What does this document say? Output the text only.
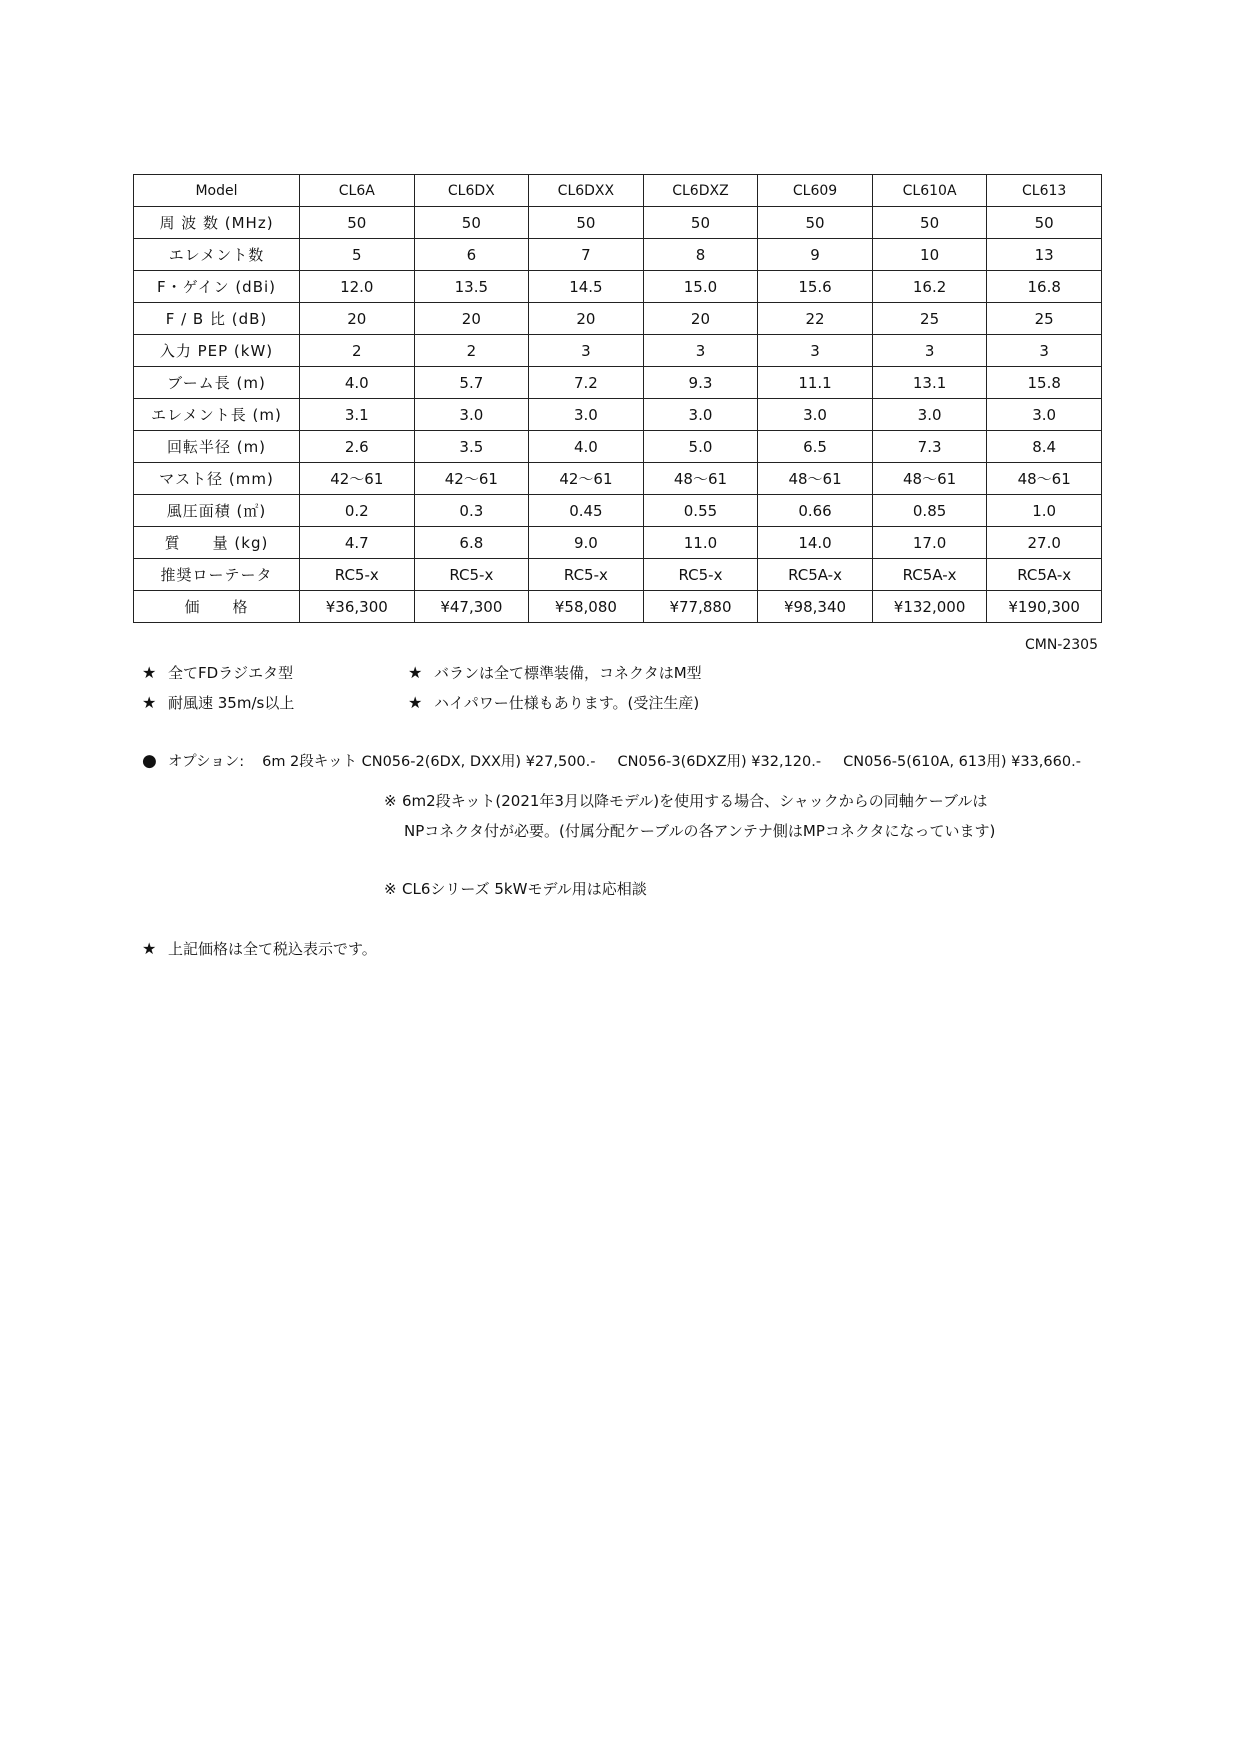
Model	CL6A	CL6DX	CL6DXX	CL6DXZ	CL609	CL610A	CL613
周 波 数 (MHz)	50	50	50	50	50	50	50
エレメント数	5	6	7	8	9	10	13
F・ゲイン (dBi)	12.0	13.5	14.5	15.0	15.6	16.2	16.8
F / B 比 (dB)	20	20	20	20	22	25	25
入力 PEP (kW)	2	2	3	3	3	3	3
ブーム長 (m)	4.0	5.7	7.2	9.3	11.1	13.1	15.8
エレメント長 (m)	3.1	3.0	3.0	3.0	3.0	3.0	3.0
回転半径 (m)	2.6	3.5	4.0	5.0	6.5	7.3	8.4
マスト径 (mm)	42～61	42～61	42～61	48～61	48～61	48～61	48～61
風圧面積 (㎡)	0.2	0.3	0.45	0.55	0.66	0.85	1.0
質　　量 (kg)	4.7	6.8	9.0	11.0	14.0	17.0	27.0
推奨ローテータ	RC5-x	RC5-x	RC5-x	RC5-x	RC5A-x	RC5A-x	RC5A-x
価　　格	¥36,300	¥47,300	¥58,080	¥77,880	¥98,340	¥132,000	¥190,300
CMN-2305
★ 全てFDラジエタ型	★ バランは全て標準装備，コネクタはM型
★ 耐風速 35m/s以上	★ ハイパワー仕様もあります。(受注生産)
● オプション: 6m 2段キット CN056-2(6DX, DXX用) ¥27,500.- CN056-3(6DXZ用) ¥32,120.- CN056-5(610A, 613用) ¥33,660.-
※ 6m2段キット(2021年3月以降モデル)を使用する場合、シャックからの同軸ケーブルは
NPコネクタ付が必要。(付属分配ケーブルの各アンテナ側はMPコネクタになっています)
※ CL6シリーズ 5kWモデル用は応相談
★ 上記価格は全て税込表示です。
